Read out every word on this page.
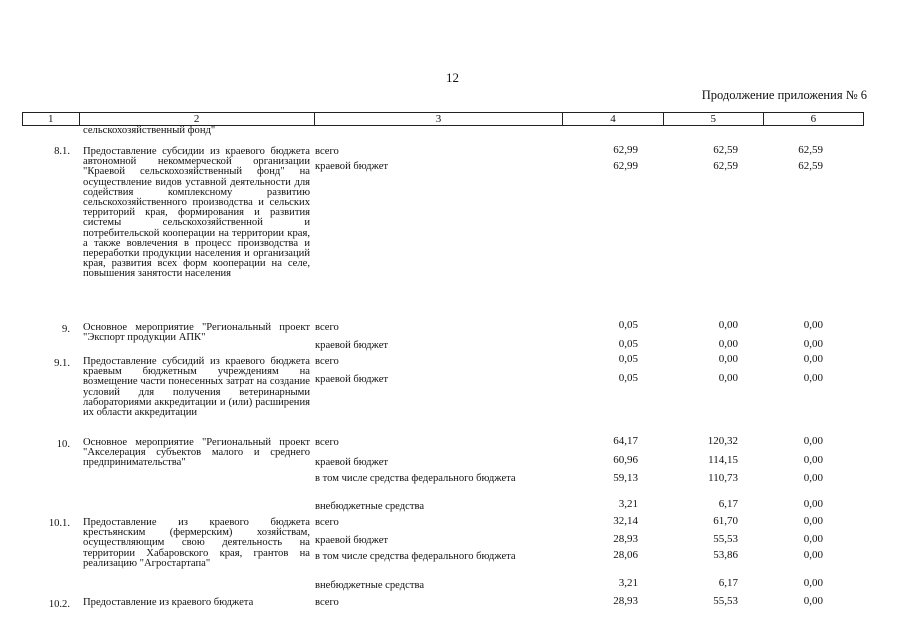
12
Продолжение приложения № 6
1	2	3	4	5	6
сельскохозяйственный фонд"
8.1. Предоставление субсидии из краевого бюджета автономной некоммерческой организации "Краевой сельскохозяйственный фонд" на осуществление видов уставной деятельности для содействия комплексному развитию сельскохозяйственного производства и сельских территорий края, формирования и развития системы сельскохозяйственной и потребительской кооперации на территории края, а также вовлечения в процесс производства и переработки продукции населения и организаций края, развития всех форм кооперации на селе, повышения занятости населения
всего	62,99	62,59	62,59
краевой бюджет	62,99	62,59	62,59
9. Основное мероприятие "Региональный проект "Экспорт продукции АПК"
всего	0,05	0,00	0,00
краевой бюджет	0,05	0,00	0,00
9.1. Предоставление субсидий из краевого бюджета краевым бюджетным учреждениям на возмещение части понесенных затрат на создание условий для получения ветеринарными лабораториями аккредитации и (или) расширения их области аккредитации
всего	0,05	0,00	0,00
краевой бюджет	0,05	0,00	0,00
10. Основное мероприятие "Региональный проект "Акселерация субъектов малого и среднего предпринимательства"
всего	64,17	120,32	0,00
краевой бюджет	60,96	114,15	0,00
в том числе средства федерального бюджета	59,13	110,73	0,00
внебюджетные средства	3,21	6,17	0,00
10.1. Предоставление из краевого бюджета крестьянским (фермерским) хозяйствам, осуществляющим свою деятельность на территории Хабаровского края, грантов на реализацию "Агростартапа"
всего	32,14	61,70	0,00
краевой бюджет	28,93	55,53	0,00
в том числе средства федерального бюджета	28,06	53,86	0,00
внебюджетные средства	3,21	6,17	0,00
10.2. Предоставление из краевого бюджета	всего	28,93	55,53	0,00
